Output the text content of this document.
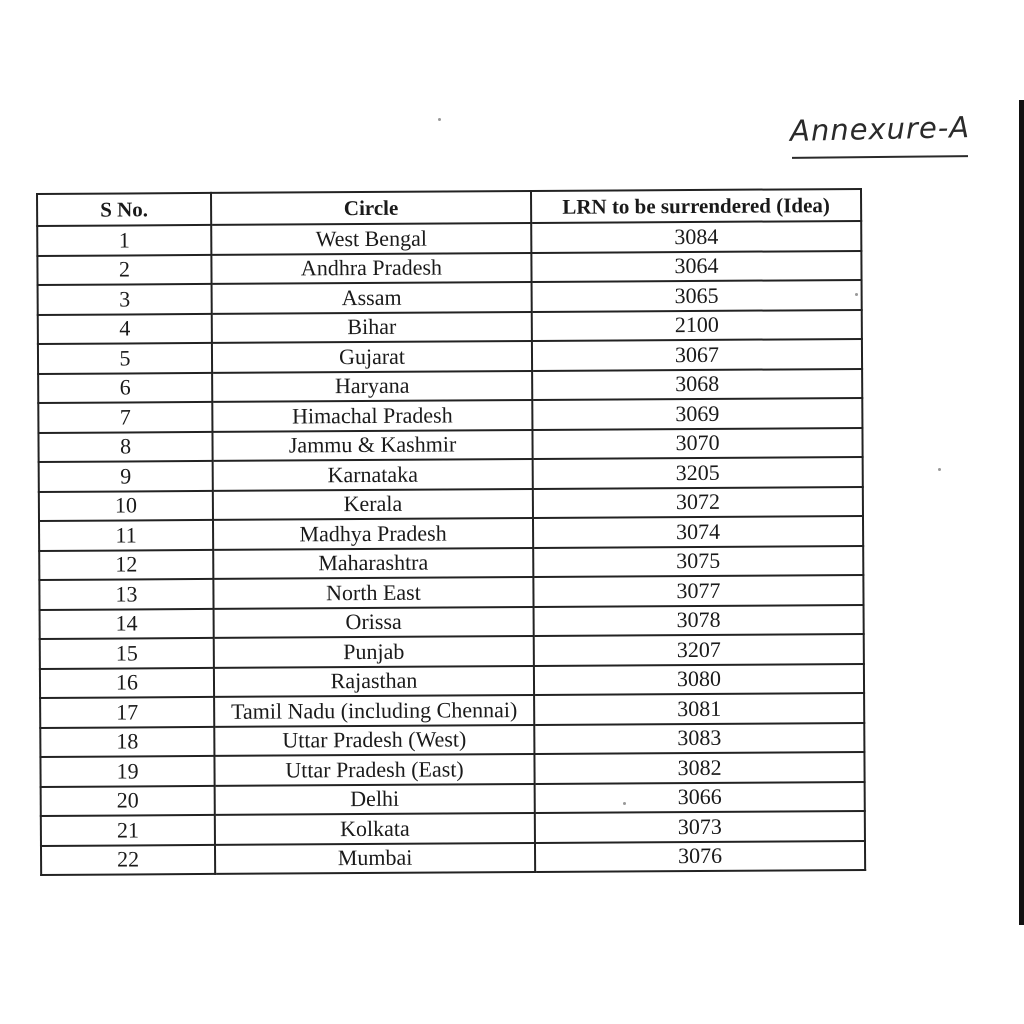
Annexure-A
S No.	Circle	LRN to be surrendered (Idea)
1	West Bengal	3084
2	Andhra Pradesh	3064
3	Assam	3065
4	Bihar	2100
5	Gujarat	3067
6	Haryana	3068
7	Himachal Pradesh	3069
8	Jammu & Kashmir	3070
9	Karnataka	3205
10	Kerala	3072
11	Madhya Pradesh	3074
12	Maharashtra	3075
13	North East	3077
14	Orissa	3078
15	Punjab	3207
16	Rajasthan	3080
17	Tamil Nadu (including Chennai)	3081
18	Uttar Pradesh (West)	3083
19	Uttar Pradesh (East)	3082
20	Delhi	3066
21	Kolkata	3073
22	Mumbai	3076
